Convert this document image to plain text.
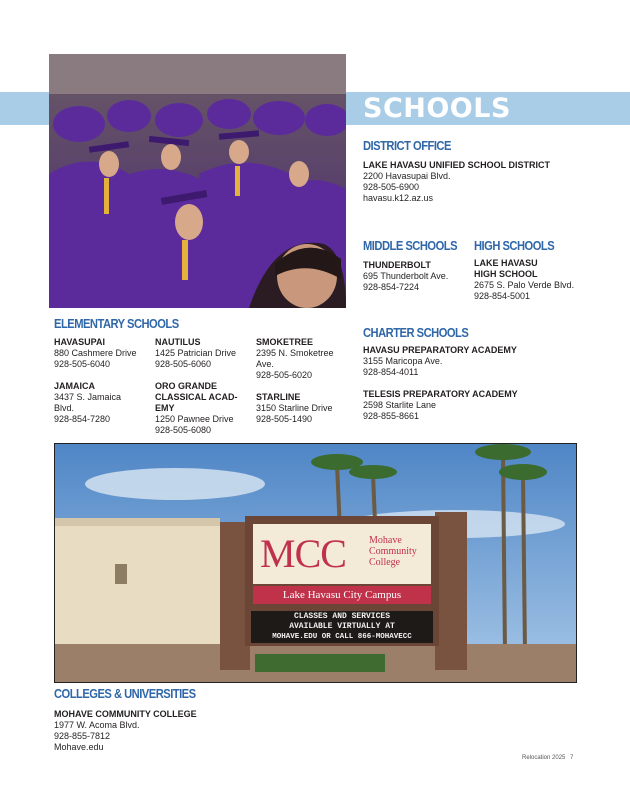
SCHOOLS
DISTRICT OFFICE
LAKE HAVASU UNIFIED SCHOOL DISTRICT
2200 Havasupai Blvd.
928-505-6900
havasu.k12.az.us
MIDDLE SCHOOLS
THUNDERBOLT
695 Thunderbolt Ave.
928-854-7224
HIGH SCHOOLS
LAKE HAVASU
HIGH SCHOOL
2675 S. Palo Verde Blvd.
928-854-5001
ELEMENTARY SCHOOLS
HAVASUPAI
880 Cashmere Drive
928-505-6040
JAMAICA
3437 S. Jamaica
Blvd.
928-854-7280
NAUTILUS
1425 Patrician Drive
928-505-6060
ORO GRANDE
CLASSICAL ACAD-
EMY
1250 Pawnee Drive
928-505-6080
SMOKETREE
2395 N. Smoketree
Ave.
928-505-6020
STARLINE
3150 Starline Drive
928-505-1490
CHARTER SCHOOLS
HAVASU PREPARATORY ACADEMY
3155 Maricopa Ave.
928-854-4011
TELESIS PREPARATORY ACADEMY
2598 Starlite Lane
928-855-8661
MCC Mohave
Community
College
Lake Havasu City Campus
CLASSES AND SERVICES
AVAILABLE VIRTUALLY AT
MOHAVE.EDU OR CALL 866-MOHAVECC
COLLEGES & UNIVERSITIES
MOHAVE COMMUNITY COLLEGE
1977 W. Acoma Blvd.
928-855-7812
Mohave.edu
Relocation 2025 7
